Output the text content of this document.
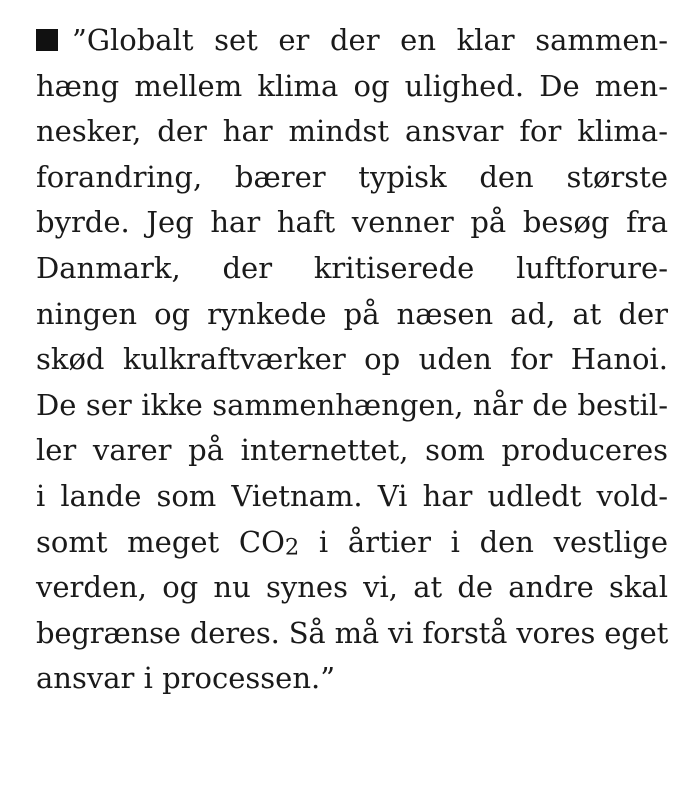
”Globalt set er der en klar sammen-
hæng mellem klima og ulighed. De men-
nesker, der har mindst ansvar for klima-
forandring, bærer typisk den største
byrde. Jeg har haft venner på besøg fra
Danmark, der kritiserede luftforure-
ningen og rynkede på næsen ad, at der
skød kulkraftværker op uden for Hanoi.
De ser ikke sammenhængen, når de bestil-
ler varer på internettet, som produceres
i lande som Vietnam. Vi har udledt vold-
somt meget CO2 i årtier i den vestlige
verden, og nu synes vi, at de andre skal
begrænse deres. Så må vi forstå vores eget
ansvar i processen.”
